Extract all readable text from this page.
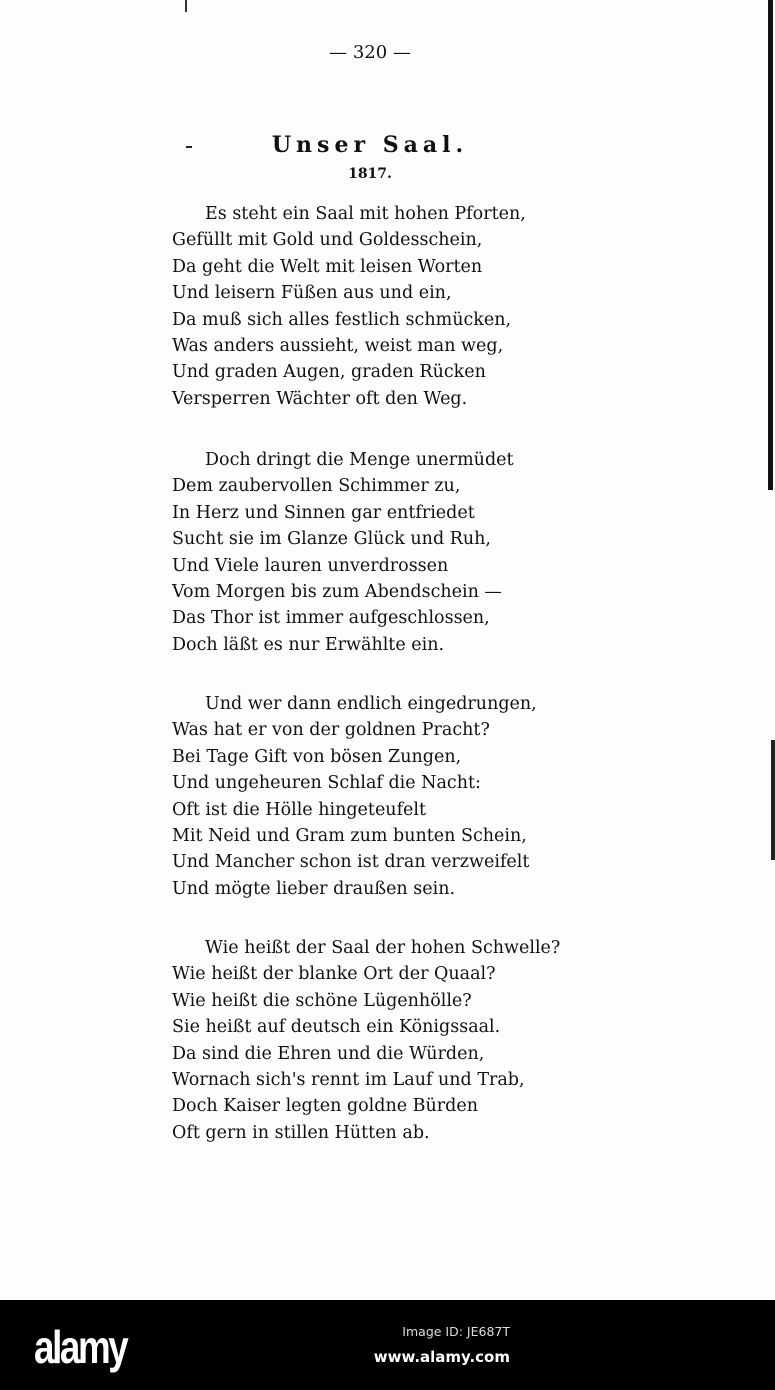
— 320 —
Unser Saal.
1817.
Es steht ein Saal mit hohen Pforten,
Gefüllt mit Gold und Goldesschein,
Da geht die Welt mit leisen Worten
Und leisern Füßen aus und ein,
Da muß sich alles festlich schmücken,
Was anders aussieht, weist man weg,
Und graden Augen, graden Rücken
Versperren Wächter oft den Weg.
Doch dringt die Menge unermüdet
Dem zaubervollen Schimmer zu,
In Herz und Sinnen gar entfriedet
Sucht sie im Glanze Glück und Ruh,
Und Viele lauren unverdrossen
Vom Morgen bis zum Abendschein —
Das Thor ist immer aufgeschlossen,
Doch läßt es nur Erwählte ein.
Und wer dann endlich eingedrungen,
Was hat er von der goldnen Pracht?
Bei Tage Gift von bösen Zungen,
Und ungeheuren Schlaf die Nacht:
Oft ist die Hölle hingeteufelt
Mit Neid und Gram zum bunten Schein,
Und Mancher schon ist dran verzweifelt
Und mögte lieber draußen sein.
Wie heißt der Saal der hohen Schwelle?
Wie heißt der blanke Ort der Quaal?
Wie heißt die schöne Lügenhölle?
Sie heißt auf deutsch ein Königssaal.
Da sind die Ehren und die Würden,
Wornach sich's rennt im Lauf und Trab,
Doch Kaiser legten goldne Bürden
Oft gern in stillen Hütten ab.
alamy	Image ID: JE687T
www.alamy.com
